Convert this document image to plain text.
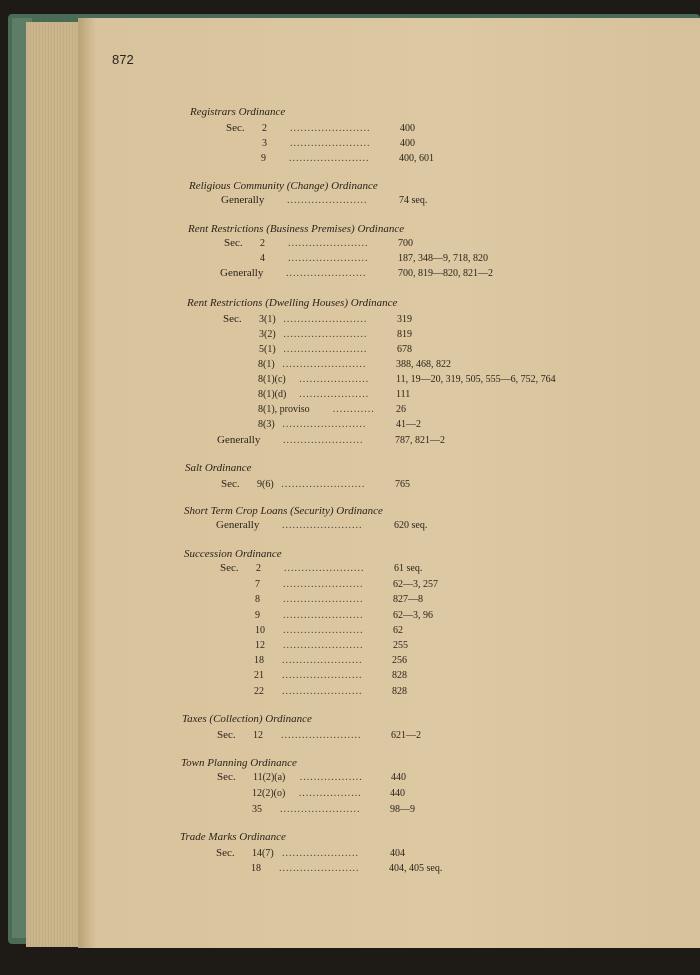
872
Registrars Ordinance
Sec. 2 .......................	400
3 .......................	400
9 .......................	400, 601
Religious Community (Change) Ordinance
Generally .......................	74 seq.
Rent Restrictions (Business Premises) Ordinance
Sec. 2 .......................	700
4 .......................	187, 348—9, 718, 820
Generally .......................	700, 819—820, 821—2
Rent Restrictions (Dwelling Houses) Ordinance
Sec. 3(1) ........................	319
3(2) ........................	819
5(1) ........................	678
8(1) ........................	388, 468, 822
8(1)(c) ....................	11, 19—20, 319, 505, 555—6, 752, 764
8(1)(d) ....................	111
8(1), proviso ............ 26
8(3) ........................	41—2
Generally .......................	787, 821—2
Salt Ordinance
Sec. 9(6) ........................	765
Short Term Crop Loans (Security) Ordinance
Generally .......................	620 seq.
Succession Ordinance
Sec. 2 .......................	61 seq.
7 .......................	62—3, 257
8 .......................	827—8
9 .......................	62—3, 96
10 .......................	62
12 .......................	255
18 .......................	256
21 .......................	828
22 .......................	828
Taxes (Collection) Ordinance
Sec. 12 .......................	621—2
Town Planning Ordinance
Sec. 11(2)(a) ..................	440
12(2)(o) ..................	440
35 .......................	98—9
Trade Marks Ordinance
Sec. 14(7) ......................	404
18 .......................	404, 405 seq.
